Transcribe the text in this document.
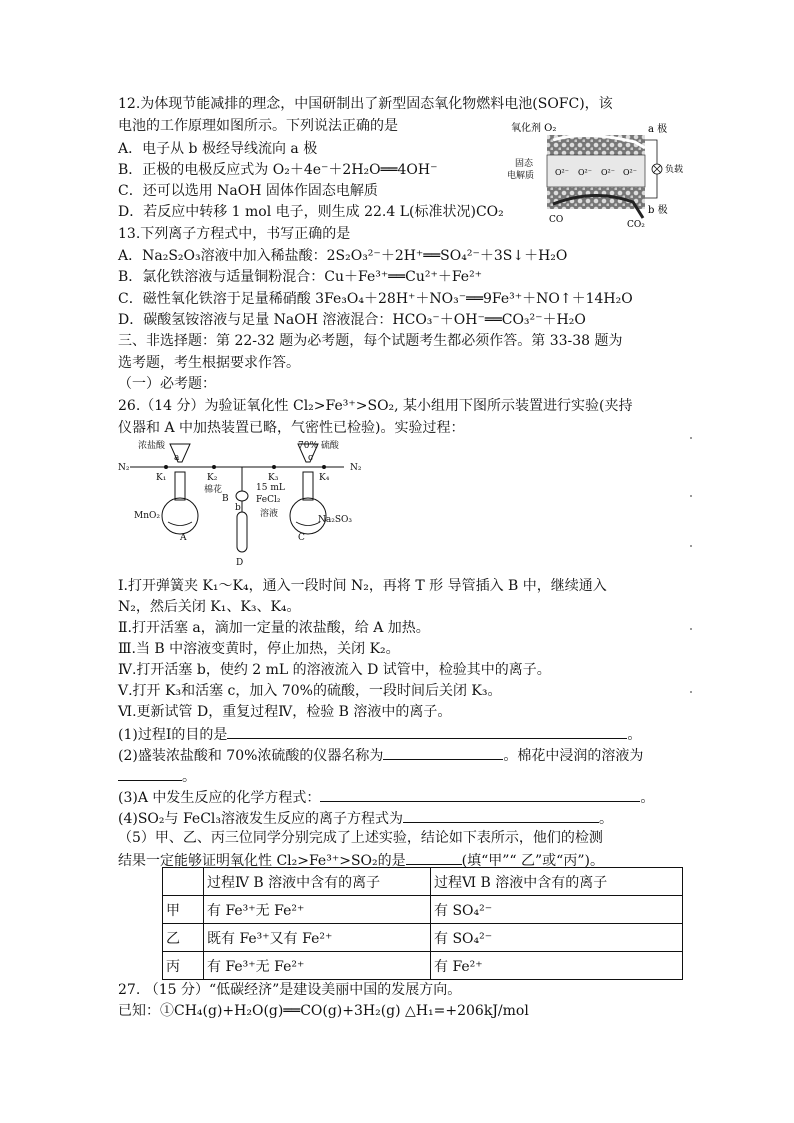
12.为体现节能减排的理念，中国研制出了新型固态氧化物燃料电池(SOFC)，该
电池的工作原理如图所示。下列说法正确的是
A．电子从 b 极经导线流向 a 极
B．正极的电极反应式为 O₂＋4e⁻＋2H₂O══4OH⁻
C．还可以选用 NaOH 固体作固态电解质
D．若反应中转移 1 mol 电子，则生成 22.4 L(标准状况)CO₂
氧化剂 O₂
O²⁻ O²⁻ O²⁻ O²⁻
固态
电解质
a 极
b 极
CO	CO₂
负载
13.下列离子方程式中，书写正确的是
A．Na₂S₂O₃溶液中加入稀盐酸：2S₂O₃²⁻＋2H⁺══SO₄²⁻＋3S↓＋H₂O
B．氯化铁溶液与适量铜粉混合：Cu＋Fe³⁺══Cu²⁺＋Fe²⁺
C．磁性氧化铁溶于足量稀硝酸 3Fe₃O₄＋28H⁺＋NO₃⁻══9Fe³⁺＋NO↑＋14H₂O
D．碳酸氢铵溶液与足量 NaOH 溶液混合：HCO₃⁻＋OH⁻══CO₃²⁻＋H₂O
三、非选择题：第 22-32 题为必考题，每个试题考生都必须作答。第 33-38 题为
选考题，考生根据要求作答。
（一）必考题：
26.（14 分）为验证氧化性 Cl₂>Fe³⁺>SO₂, 某小组用下图所示装置进行实验(夹持
仪器和 A 中加热装置已略，气密性已检验)。实验过程：
浓盐酸	70% 硫酸
N₂	N₂
K₁	K₂	K₃	K₄
a	c
棉花
B
15 mL
FeCl₂
溶液
b
MnO₂	Na₂SO₃
A	C
D
Ⅰ.打开弹簧夹 K₁～K₄，通入一段时间 N₂，再将 T 形 导管插入 B 中，继续通入
N₂，然后关闭 K₁、K₃、K₄。
Ⅱ.打开活塞 a，滴加一定量的浓盐酸，给 A 加热。
Ⅲ.当 B 中溶液变黄时，停止加热，关闭 K₂。
Ⅳ.打开活塞 b，使约 2 mL 的溶液流入 D 试管中，检验其中的离子。
Ⅴ.打开 K₃和活塞 c，加入 70%的硫酸，一段时间后关闭 K₃。
Ⅵ.更新试管 D，重复过程Ⅳ，检验 B 溶液中的离子。
(1)过程Ⅰ的目的是	。
(2)盛装浓盐酸和 70%浓硫酸的仪器名称为	。棉花中浸润的溶液为
。
(3)A 中发生反应的化学方程式：	。
(4)SO₂与 FeCl₃溶液发生反应的离子方程式为	。
（5）甲、乙、丙三位同学分别完成了上述实验，结论如下表所示，他们的检测
结果一定能够证明氧化性 Cl₂>Fe³⁺>SO₂的是	(填“甲”“ 乙”或“丙”)。
	过程Ⅳ B 溶液中含有的离子	过程Ⅵ B 溶液中含有的离子
甲	有 Fe³⁺无 Fe²⁺	有 SO₄²⁻
乙	既有 Fe³⁺又有 Fe²⁺	有 SO₄²⁻
丙	有 Fe³⁺无 Fe²⁺	有 Fe²⁺
27. （15 分）“低碳经济”是建设美丽中国的发展方向。
已知：①CH₄(g)+H₂O(g)══CO(g)+3H₂(g) △H₁=+206kJ/mol
